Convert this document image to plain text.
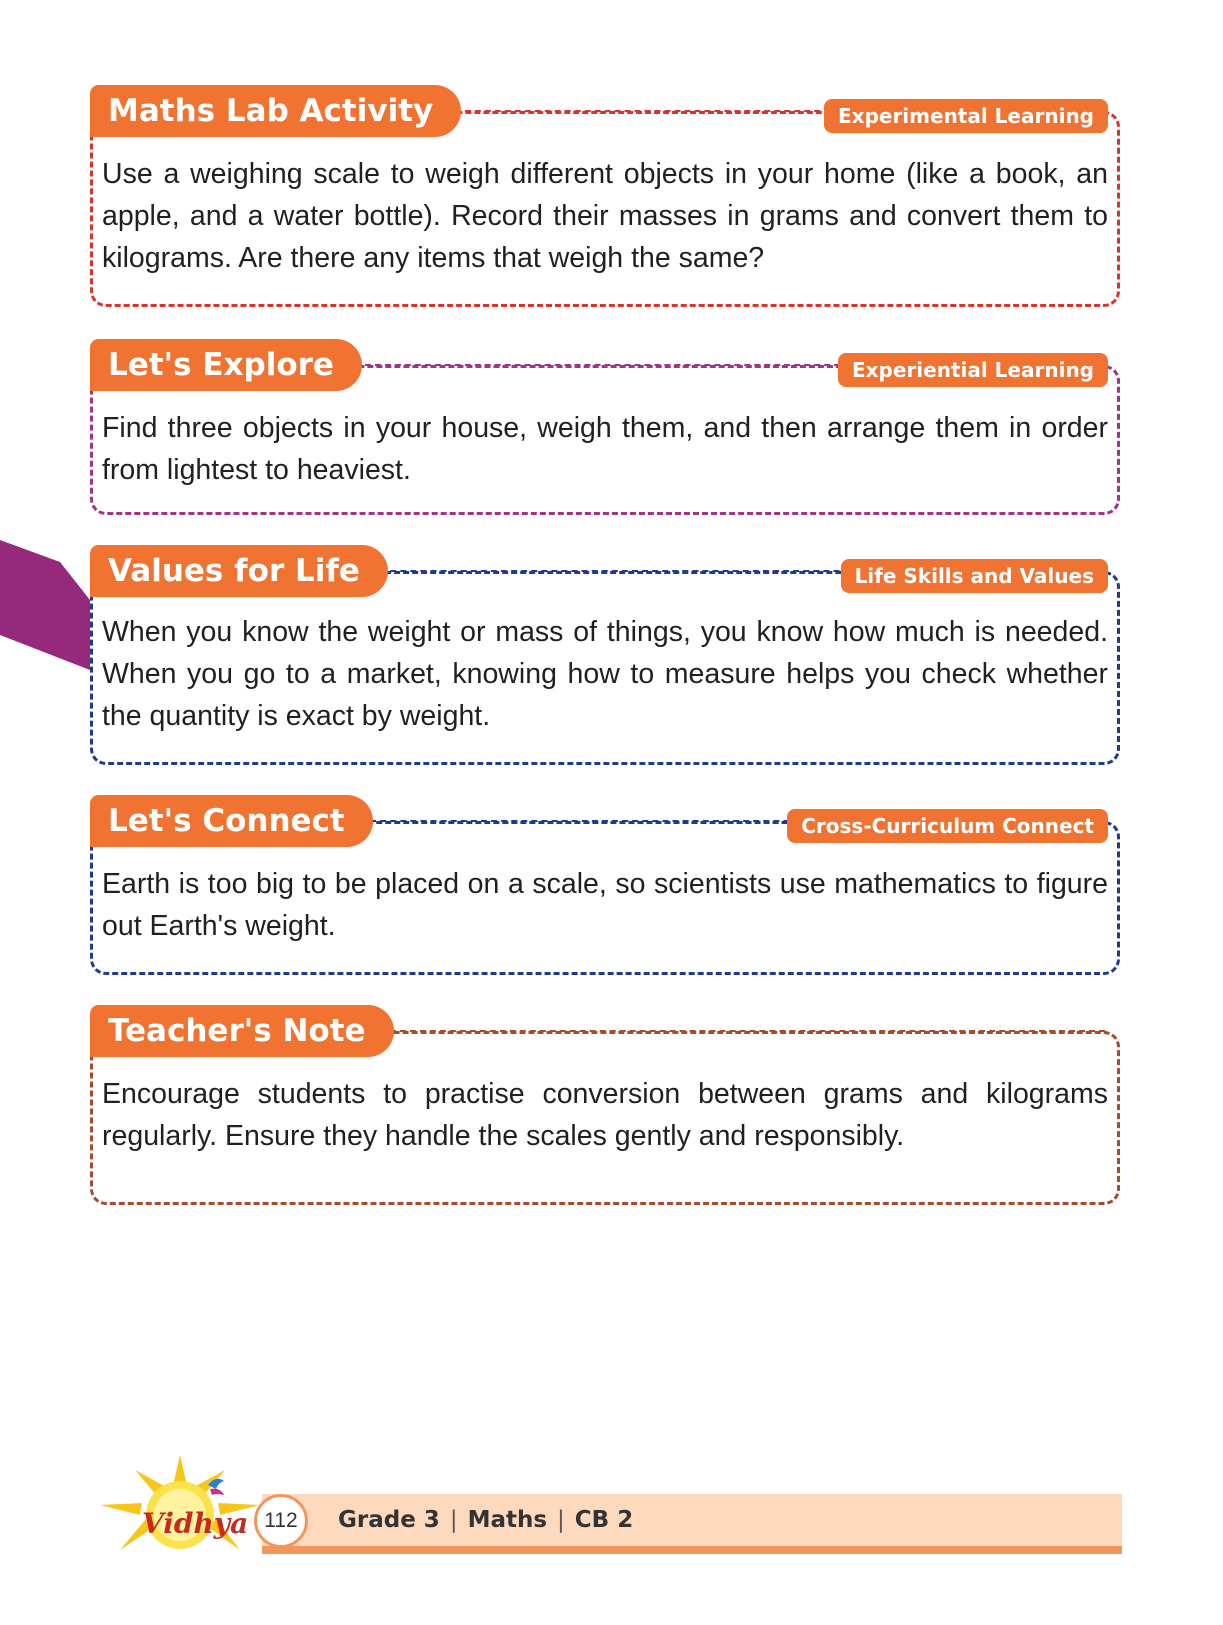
Maths Lab Activity	Experimental Learning

Use a weighing scale to weigh different objects in your home (like a book, an apple, and a water bottle). Record their masses in grams and convert them to kilograms. Are there any items that weigh the same?

Let's Explore	Experiential Learning

Find three objects in your house, weigh them, and then arrange them in order from lightest to heaviest.

Values for Life	Life Skills and Values

When you know the weight or mass of things, you know how much is needed. When you go to a market, knowing how to measure helps you check whether the quantity is exact by weight.

Let's Connect	Cross-Curriculum Connect

Earth is too big to be placed on a scale, so scientists use mathematics to figure out Earth's weight.

Teacher's Note

Encourage students to practise conversion between grams and kilograms regularly. Ensure they handle the scales gently and responsibly.

Vidhya 112	Grade 3 | Maths | CB 2
